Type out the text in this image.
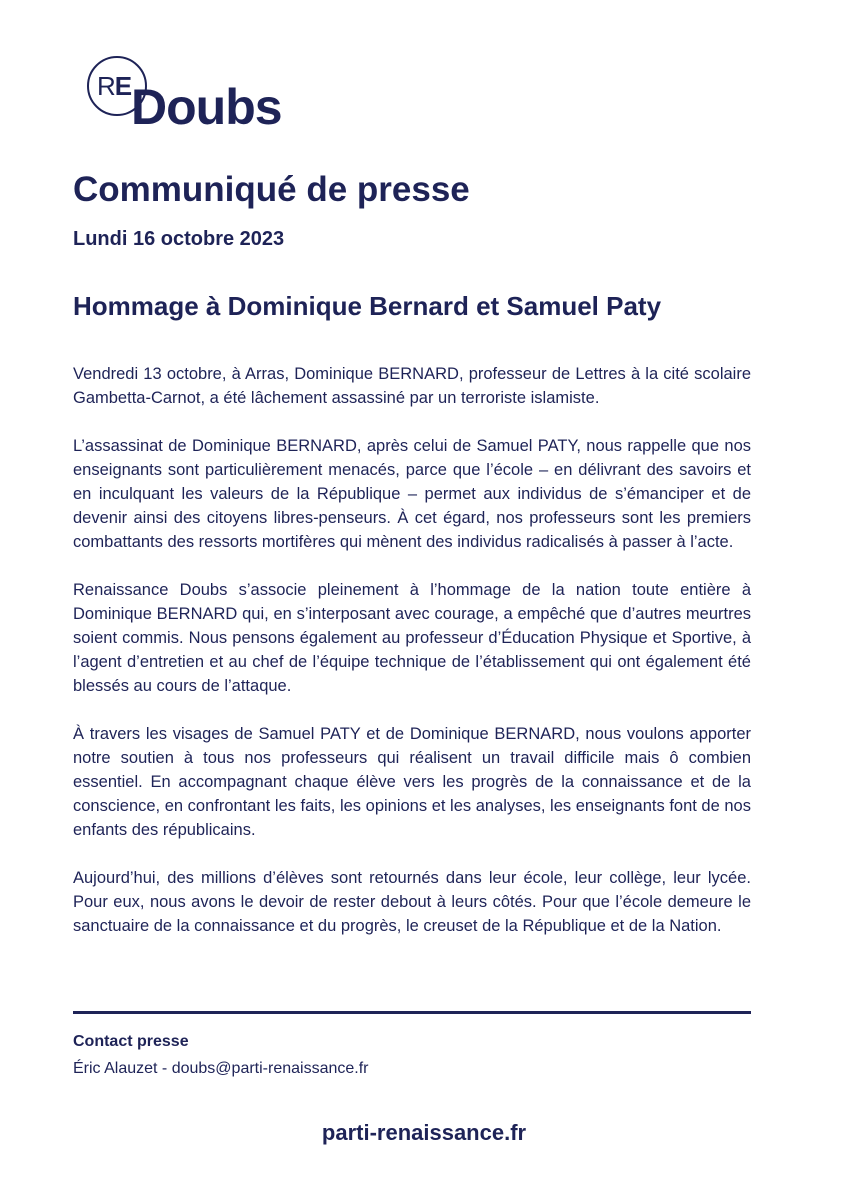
RE Doubs
Communiqué de presse
Lundi 16 octobre 2023
Hommage à Dominique Bernard et Samuel Paty

Vendredi 13 octobre, à Arras, Dominique BERNARD, professeur de Lettres à la cité scolaire Gambetta-Carnot, a été lâchement assassiné par un terroriste islamiste.

L’assassinat de Dominique BERNARD, après celui de Samuel PATY, nous rappelle que nos enseignants sont particulièrement menacés, parce que l’école – en délivrant des savoirs et en inculquant les valeurs de la République – permet aux individus de s’émanciper et de devenir ainsi des citoyens libres-penseurs. À cet égard, nos professeurs sont les premiers combattants des ressorts mortifères qui mènent des individus radicalisés à passer à l’acte.

Renaissance Doubs s’associe pleinement à l’hommage de la nation toute entière à Dominique BERNARD qui, en s’interposant avec courage, a empêché que d’autres meurtres soient commis. Nous pensons également au professeur d’Éducation Physique et Sportive, à l’agent d’entretien et au chef de l’équipe technique de l’établissement qui ont également été blessés au cours de l’attaque.

À travers les visages de Samuel PATY et de Dominique BERNARD, nous voulons apporter notre soutien à tous nos professeurs qui réalisent un travail difficile mais ô combien essentiel. En accompagnant chaque élève vers les progrès de la connaissance et de la conscience, en confrontant les faits, les opinions et les analyses, les enseignants font de nos enfants des républicains.

Aujourd’hui, des millions d’élèves sont retournés dans leur école, leur collège, leur lycée. Pour eux, nous avons le devoir de rester debout à leurs côtés. Pour que l’école demeure le sanctuaire de la connaissance et du progrès, le creuset de la République et de la Nation.

Contact presse
Éric Alauzet - doubs@parti-renaissance.fr
parti-renaissance.fr
